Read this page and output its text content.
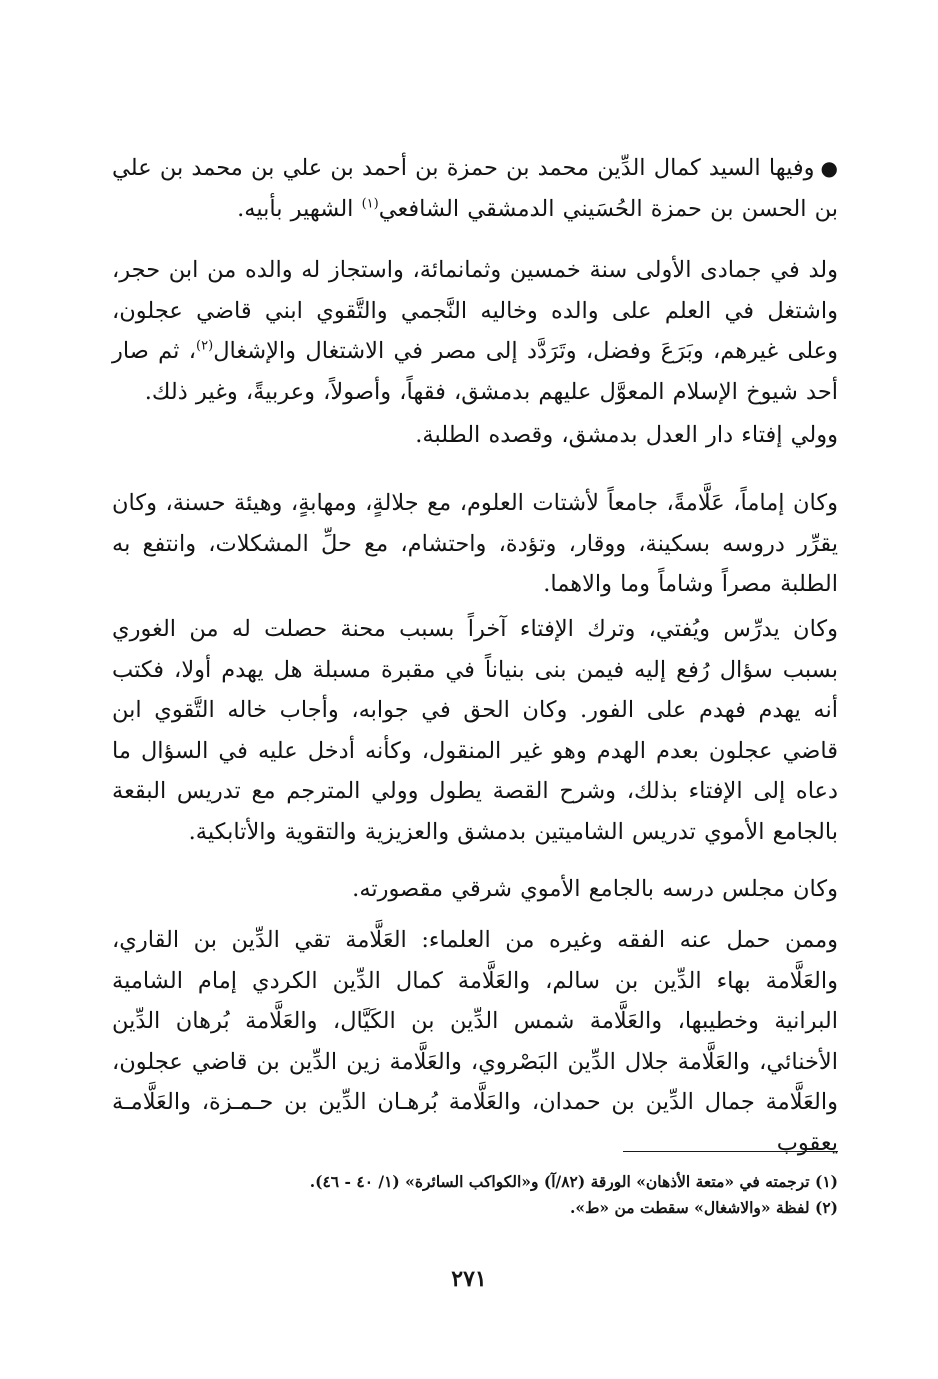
●وفيها السيد كمال الدِّين محمد بن حمزة بن أحمد بن علي بن محمد بن علي بن الحسن بن حمزة الحُسَيني الدمشقي الشافعي$^{(١)}$ الشهير بأبيه.

ولد في جمادى الأولى سنة خمسين وثمانمائة، واستجاز له والده من ابن حجر، واشتغل في العلم على والده وخاليه النَّجمي والتَّقوي ابني قاضي عجلون، وعلى غيرهم، وبَرَعَ وفضل، وتَرَدَّد إلى مصر في الاشتغال والإشغال$^{(٢)}$، ثم صار أحد شيوخ الإسلام المعوَّل عليهم بدمشق، فقهاً، وأصولاً، وعربيةً، وغير ذلك.

وولي إفتاء دار العدل بدمشق، وقصده الطلبة.

وكان إماماً، عَلَّامةً، جامعاً لأشتات العلوم، مع جلالةٍ، ومهابةٍ، وهيئة حسنة، وكان يقرِّر دروسه بسكينة، ووقار، وتؤدة، واحتشام، مع حلِّ المشكلات، وانتفع به الطلبة مصراً وشاماً وما والاهما.

وكان يدرِّس ويُفتي، وترك الإفتاء آخراً بسبب محنة حصلت له من الغوري بسبب سؤال رُفع إليه فيمن بنى بنياناً في مقبرة مسبلة هل يهدم أولا، فكتب أنه يهدم فهدم على الفور. وكان الحق في جوابه، وأجاب خاله التَّقوي ابن قاضي عجلون بعدم الهدم وهو غير المنقول، وكأنه أدخل عليه في السؤال ما دعاه إلى الإفتاء بذلك، وشرح القصة يطول وولي المترجم مع تدريس البقعة بالجامع الأموي تدريس الشاميتين بدمشق والعزيزية والتقوية والأتابكية.

وكان مجلس درسه بالجامع الأموي شرقي مقصورته.

وممن حمل عنه الفقه وغيره من العلماء: العَلَّامة تقي الدِّين بن القاري، والعَلَّامة بهاء الدِّين بن سالم، والعَلَّامة كمال الدِّين الكردي إمام الشامية البرانية وخطيبها، والعَلَّامة شمس الدِّين بن الكَيَّال، والعَلَّامة بُرهان الدِّين الأخنائي، والعَلَّامة جلال الدِّين البَصْروي، والعَلَّامة زين الدِّين بن قاضي عجلون، والعَلَّامة جمال الدِّين بن حمدان، والعَلَّامة بُرهـان الدِّين بن حـمـزة، والعَلَّامـة يعقوب

(١) ترجمته في «متعة الأذهان» الورقة (٨٢/آ) و«الكواكب السائرة» (١/ ٤٠ - ٤٦).

(٢) لفظة «والاشغال» سقطت من «ط».

٢٧١
